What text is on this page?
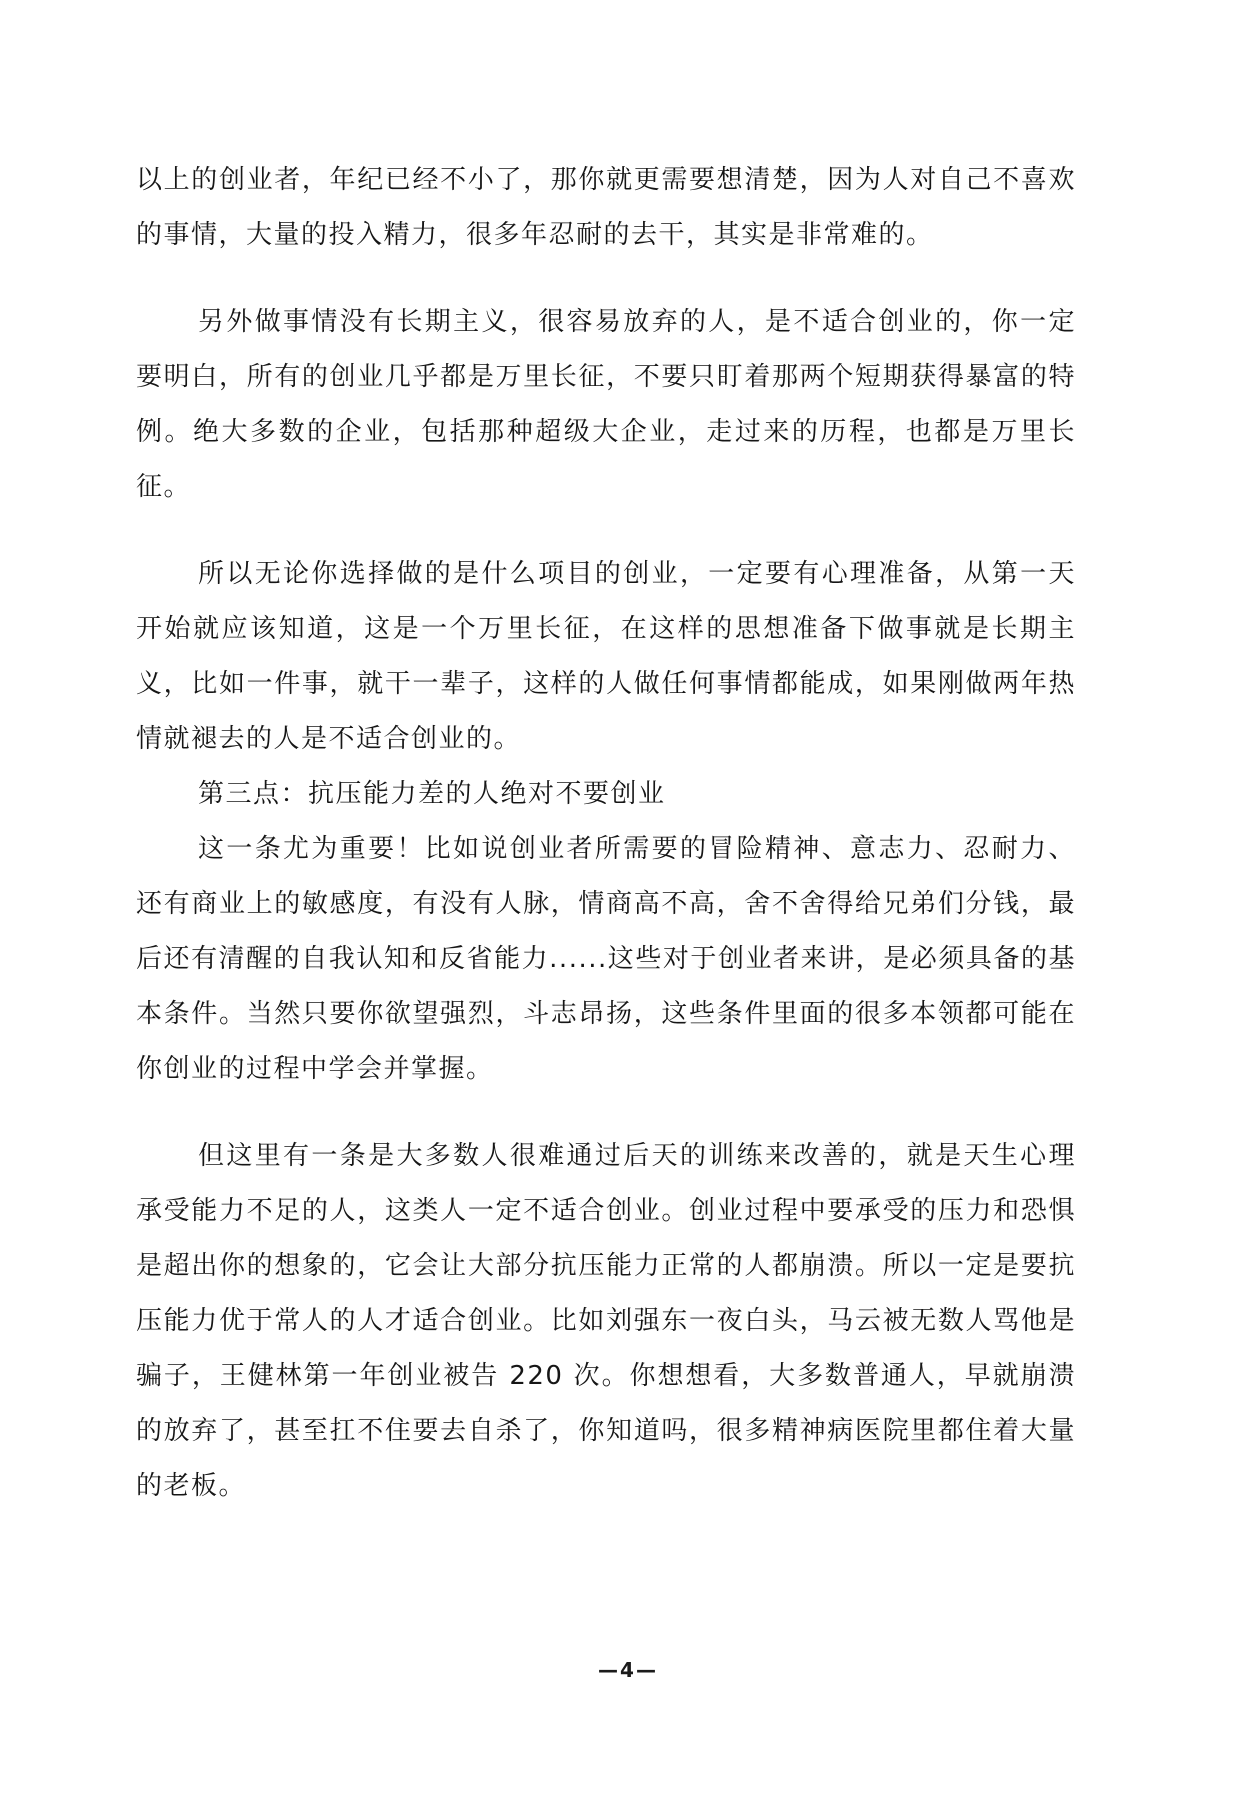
以上的创业者，年纪已经不小了，那你就更需要想清楚，因为人对自己不喜欢的事情，大量的投入精力，很多年忍耐的去干，其实是非常难的。

另外做事情没有长期主义，很容易放弃的人，是不适合创业的，你一定要明白，所有的创业几乎都是万里长征，不要只盯着那两个短期获得暴富的特例。绝大多数的企业，包括那种超级大企业，走过来的历程，也都是万里长征。

所以无论你选择做的是什么项目的创业，一定要有心理准备，从第一天开始就应该知道，这是一个万里长征，在这样的思想准备下做事就是长期主义，比如一件事，就干一辈子，这样的人做任何事情都能成，如果刚做两年热情就褪去的人是不适合创业的。

第三点：抗压能力差的人绝对不要创业

这一条尤为重要！比如说创业者所需要的冒险精神、意志力、忍耐力、还有商业上的敏感度，有没有人脉，情商高不高，舍不舍得给兄弟们分钱，最后还有清醒的自我认知和反省能力......这些对于创业者来讲，是必须具备的基本条件。当然只要你欲望强烈，斗志昂扬，这些条件里面的很多本领都可能在你创业的过程中学会并掌握。

但这里有一条是大多数人很难通过后天的训练来改善的，就是天生心理承受能力不足的人，这类人一定不适合创业。创业过程中要承受的压力和恐惧是超出你的想象的，它会让大部分抗压能力正常的人都崩溃。所以一定是要抗压能力优于常人的人才适合创业。比如刘强东一夜白头，马云被无数人骂他是骗子，王健林第一年创业被告 220 次。你想想看，大多数普通人，早就崩溃的放弃了，甚至扛不住要去自杀了，你知道吗，很多精神病医院里都住着大量的老板。

—4—
